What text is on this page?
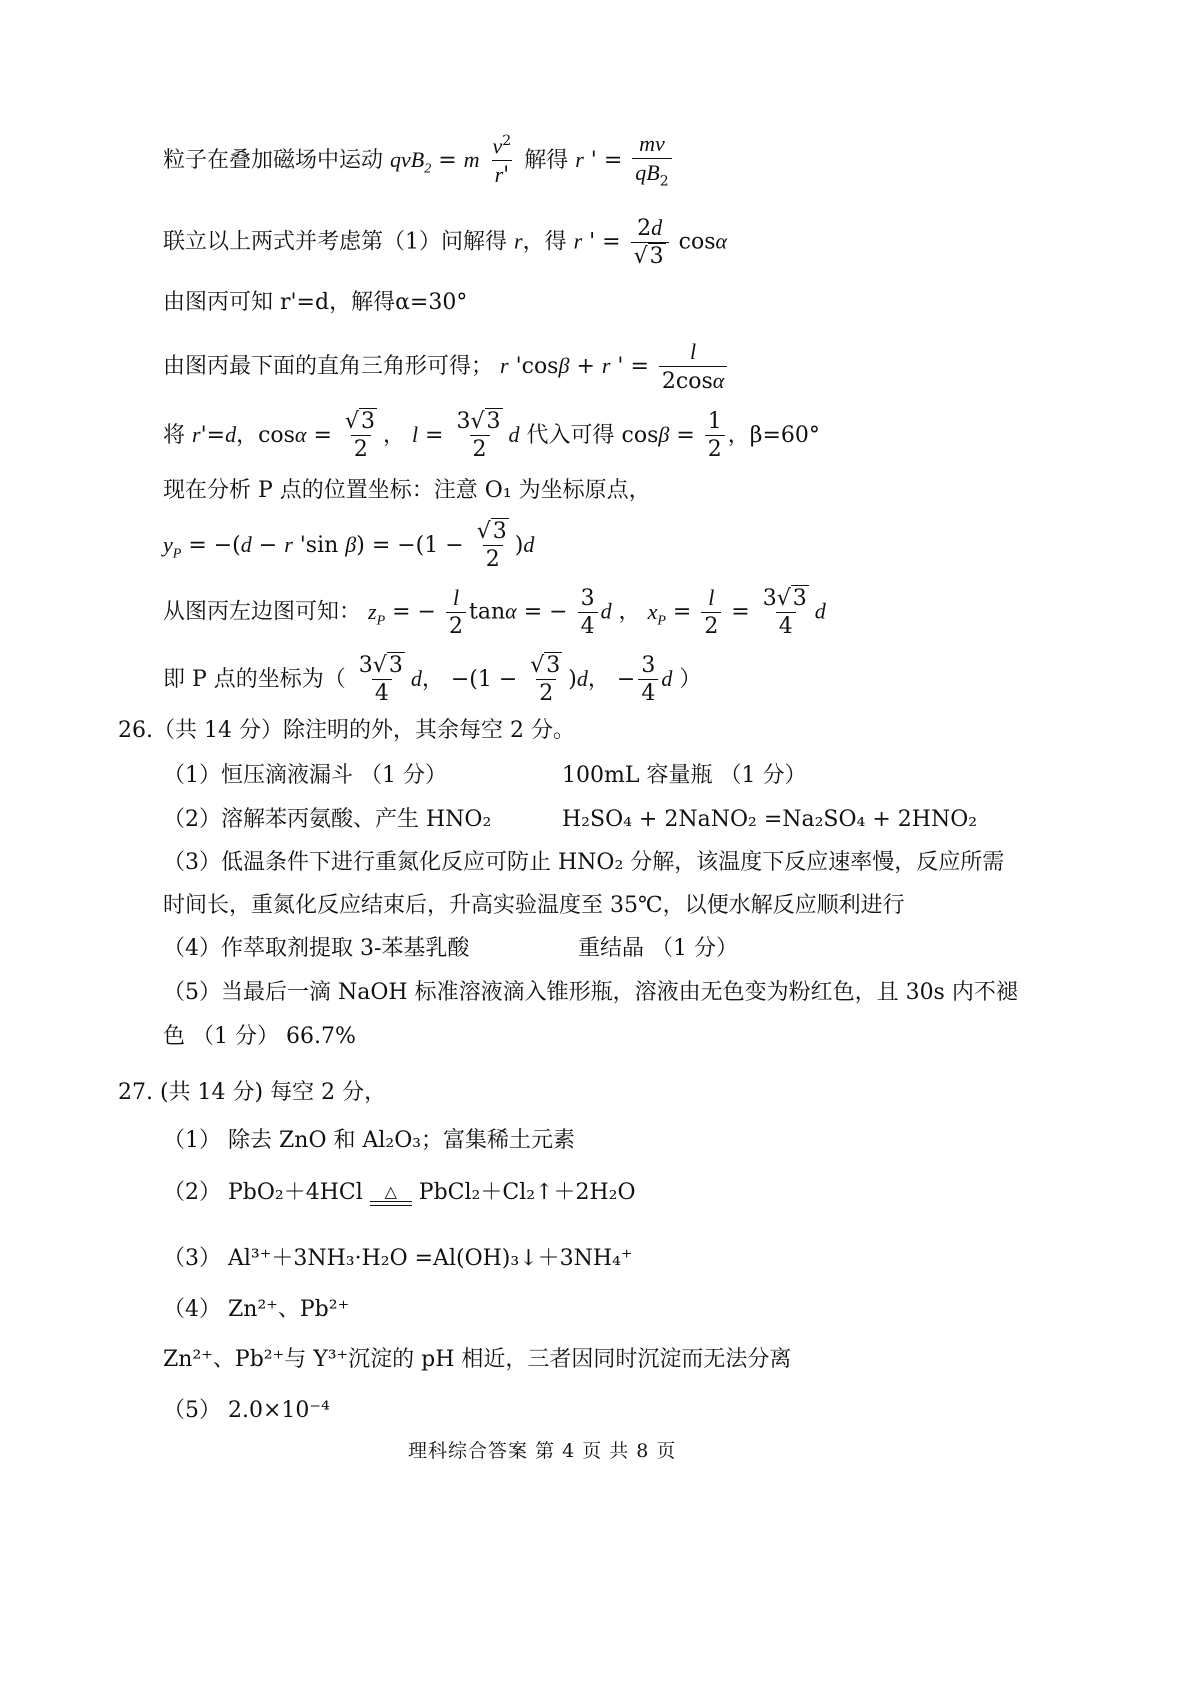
粒子在叠加磁场中运动 qvB$_2$ = m $\frac{v^2}{r'}$ 解得 r ' = $\frac{mv}{qB_2}$
联立以上两式并考虑第（1）问解得 r，得 r ' = $\frac{2d}{√3}$ cosα
由图丙可知 r'=d，解得α=30°
由图丙最下面的直角三角形可得； r 'cosβ + r ' = $\frac{l}{2\cos\alpha}$
将 r'=d，$\cos\alpha = \frac{√3}{2}$ ， $l = \frac{3√3}{2}$ d 代入可得 $\cos\beta = \frac{1}{2}$ ，β=60°
现在分析 P 点的位置坐标：注意 O₁ 为坐标原点，
$y_P = -(d - r$ 'sin $\beta) = -(1 - \frac{√3}{2} )d$
从图丙左边图可知： $z_P$ = − $\frac{l}{2}$ tanα = − $\frac{3}{4}$ d ， $x_P = \frac{l}{2} = \frac{3√3}{4}$ d
即 P 点的坐标为（ $\frac{3√3}{4}$ d， $-(1 - \frac{√3}{2} )d$， − $\frac{3}{4}$ d ）
26.（共 14 分）除注明的外，其余每空 2 分。
（1）恒压滴液漏斗 （1 分）	100mL 容量瓶 （1 分）
（2）溶解苯丙氨酸、产生 HNO₂	H₂SO₄ + 2NaNO₂ =Na₂SO₄ + 2HNO₂
（3）低温条件下进行重氮化反应可防止 HNO₂ 分解，该温度下反应速率慢，反应所需
时间长，重氮化反应结束后，升高实验温度至 35℃，以便水解反应顺利进行
（4）作萃取剂提取 3-苯基乳酸	重结晶 （1 分）
（5）当最后一滴 NaOH 标准溶液滴入锥形瓶，溶液由无色变为粉红色，且 30s 内不褪
色 （1 分） 66.7%
27. (共 14 分) 每空 2 分，
（1） 除去 ZnO 和 Al₂O₃；富集稀土元素
（2） PbO₂＋4HCl △ PbCl₂＋Cl₂↑＋2H₂O
（3） Al³⁺＋3NH₃·H₂O =Al(OH)₃↓＋3NH₄⁺
（4） Zn²⁺、Pb²⁺
Zn²⁺、Pb²⁺与 Y³⁺沉淀的 pH 相近，三者因同时沉淀而无法分离
（5） 2.0×10⁻⁴
理科综合答案 第 4 页 共 8 页
